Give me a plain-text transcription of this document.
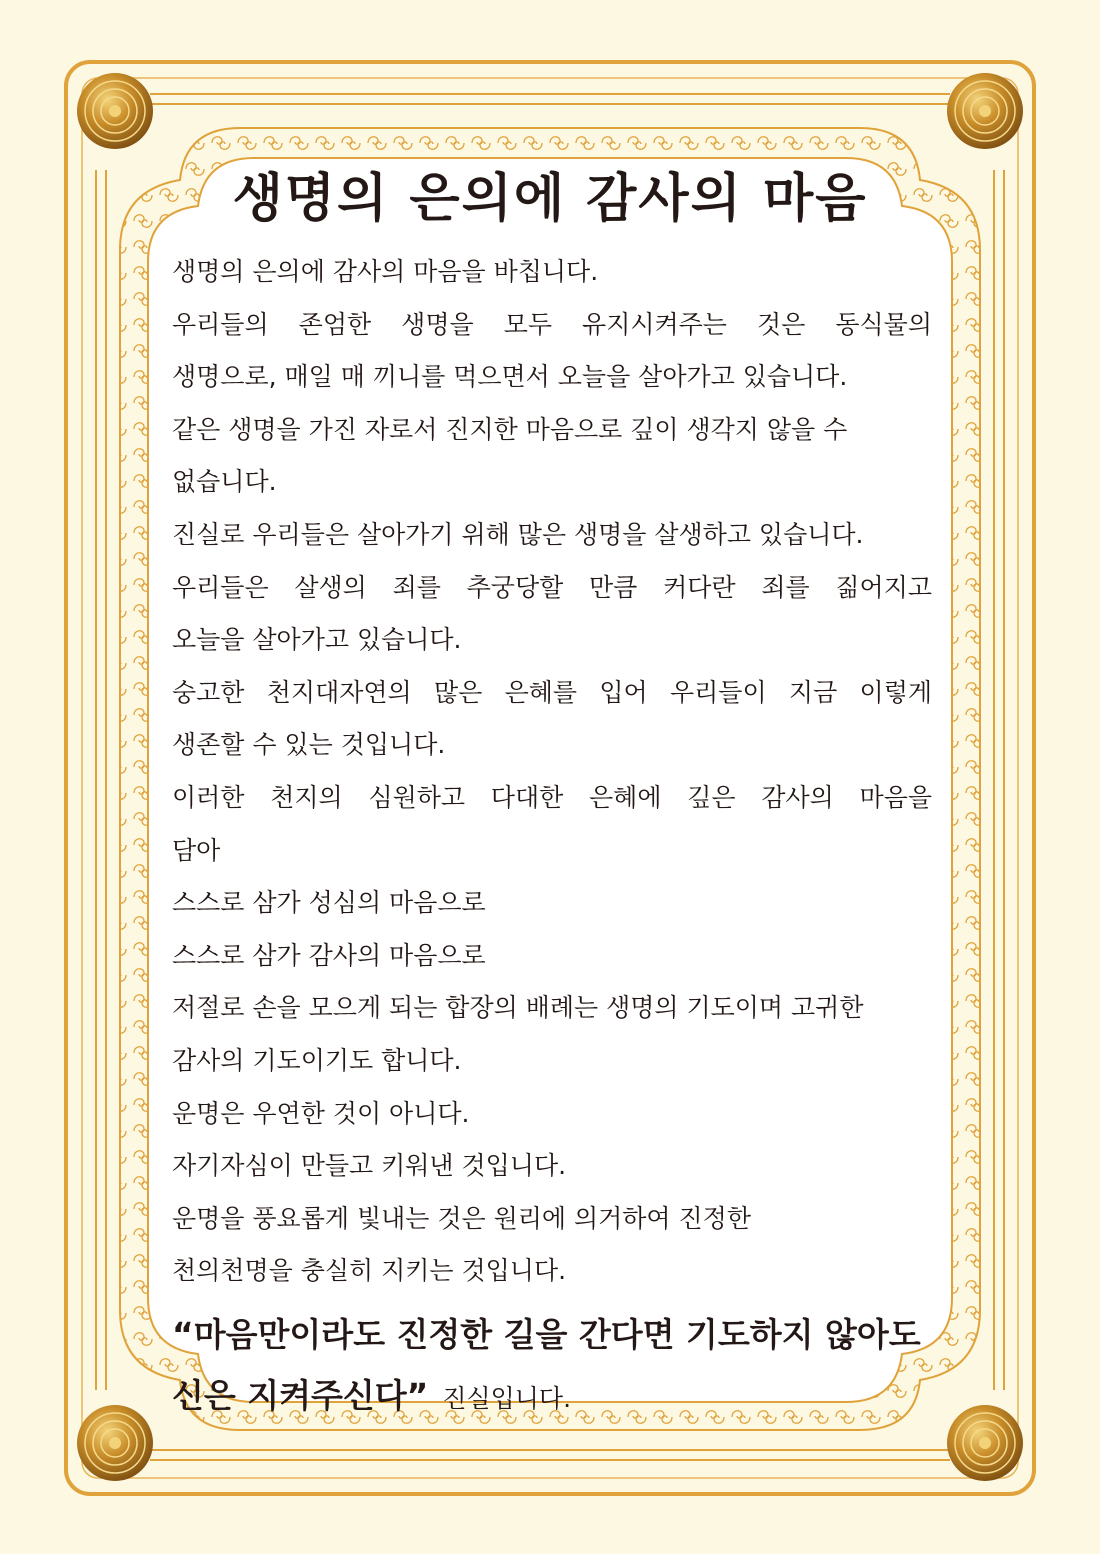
생명의 은의에 감사의 마음
생명의 은의에 감사의 마음을 바칩니다.
우리들의 존엄한 생명을 모두 유지시켜주는 것은 동식물의
생명으로, 매일 매 끼니를 먹으면서 오늘을 살아가고 있습니다.
같은 생명을 가진 자로서 진지한 마음으로 깊이 생각지 않을 수
없습니다.
진실로 우리들은 살아가기 위해 많은 생명을 살생하고 있습니다.
우리들은 살생의 죄를 추궁당할 만큼 커다란 죄를 짊어지고
오늘을 살아가고 있습니다.
숭고한 천지대자연의 많은 은혜를 입어 우리들이 지금 이렇게
생존할 수 있는 것입니다.
이러한 천지의 심원하고 다대한 은혜에 깊은 감사의 마음을
담아
스스로 삼가 성심의 마음으로
스스로 삼가 감사의 마음으로
저절로 손을 모으게 되는 합장의 배례는 생명의 기도이며 고귀한
감사의 기도이기도 합니다.
운명은 우연한 것이 아니다.
자기자심이 만들고 키워낸 것입니다.
운명을 풍요롭게 빛내는 것은 원리에 의거하여 진정한
천의천명을 충실히 지키는 것입니다.
“마음만이라도 진정한 길을 간다면 기도하지 않아도
신은 지켜주신다” 진실입니다.
